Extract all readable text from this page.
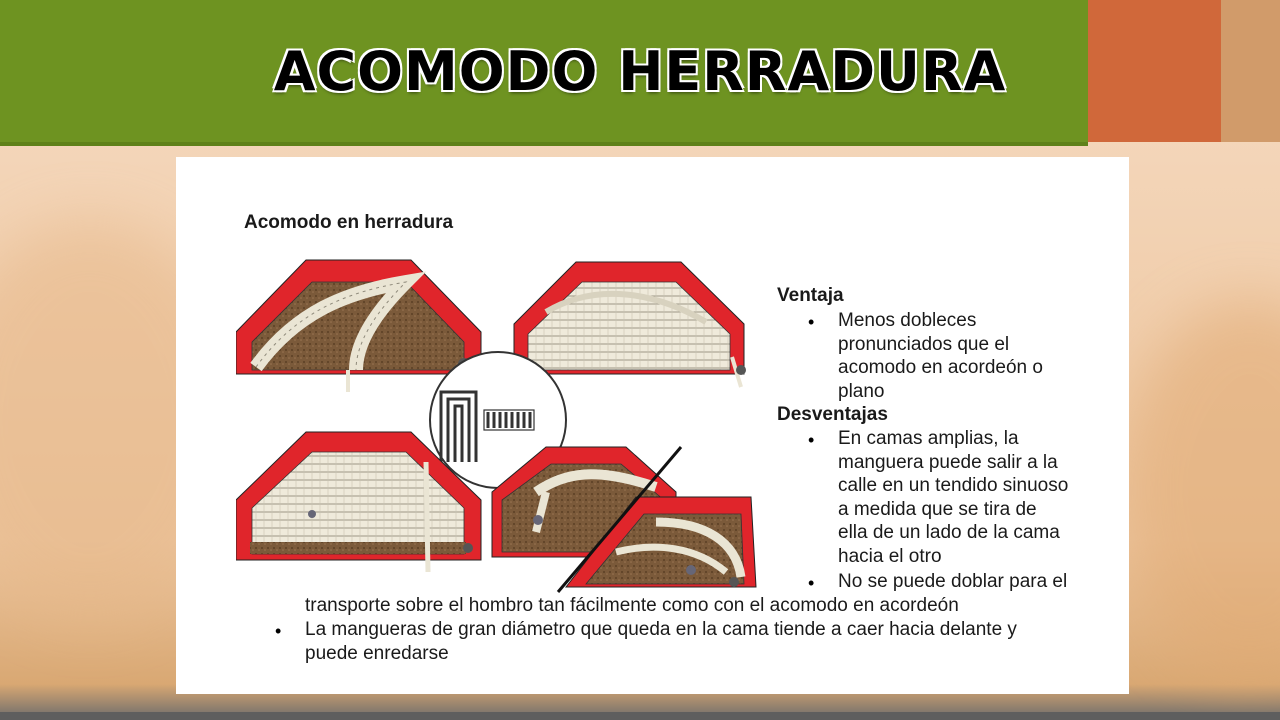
ACOMODO HERRADURA
Acomodo en herradura
Ventaja
• Menos dobleces
pronunciados que el
acomodo en acordeón o
plano
Desventajas
• En camas amplias, la
manguera puede salir a la
calle en un tendido sinuoso
a medida que se tira de
ella de un lado de la cama
hacia el otro
• No se puede doblar para el
transporte sobre el hombro tan fácilmente como con el acomodo en acordeón
• La mangueras de gran diámetro que queda en la cama tiende a caer hacia delante y
puede enredarse
